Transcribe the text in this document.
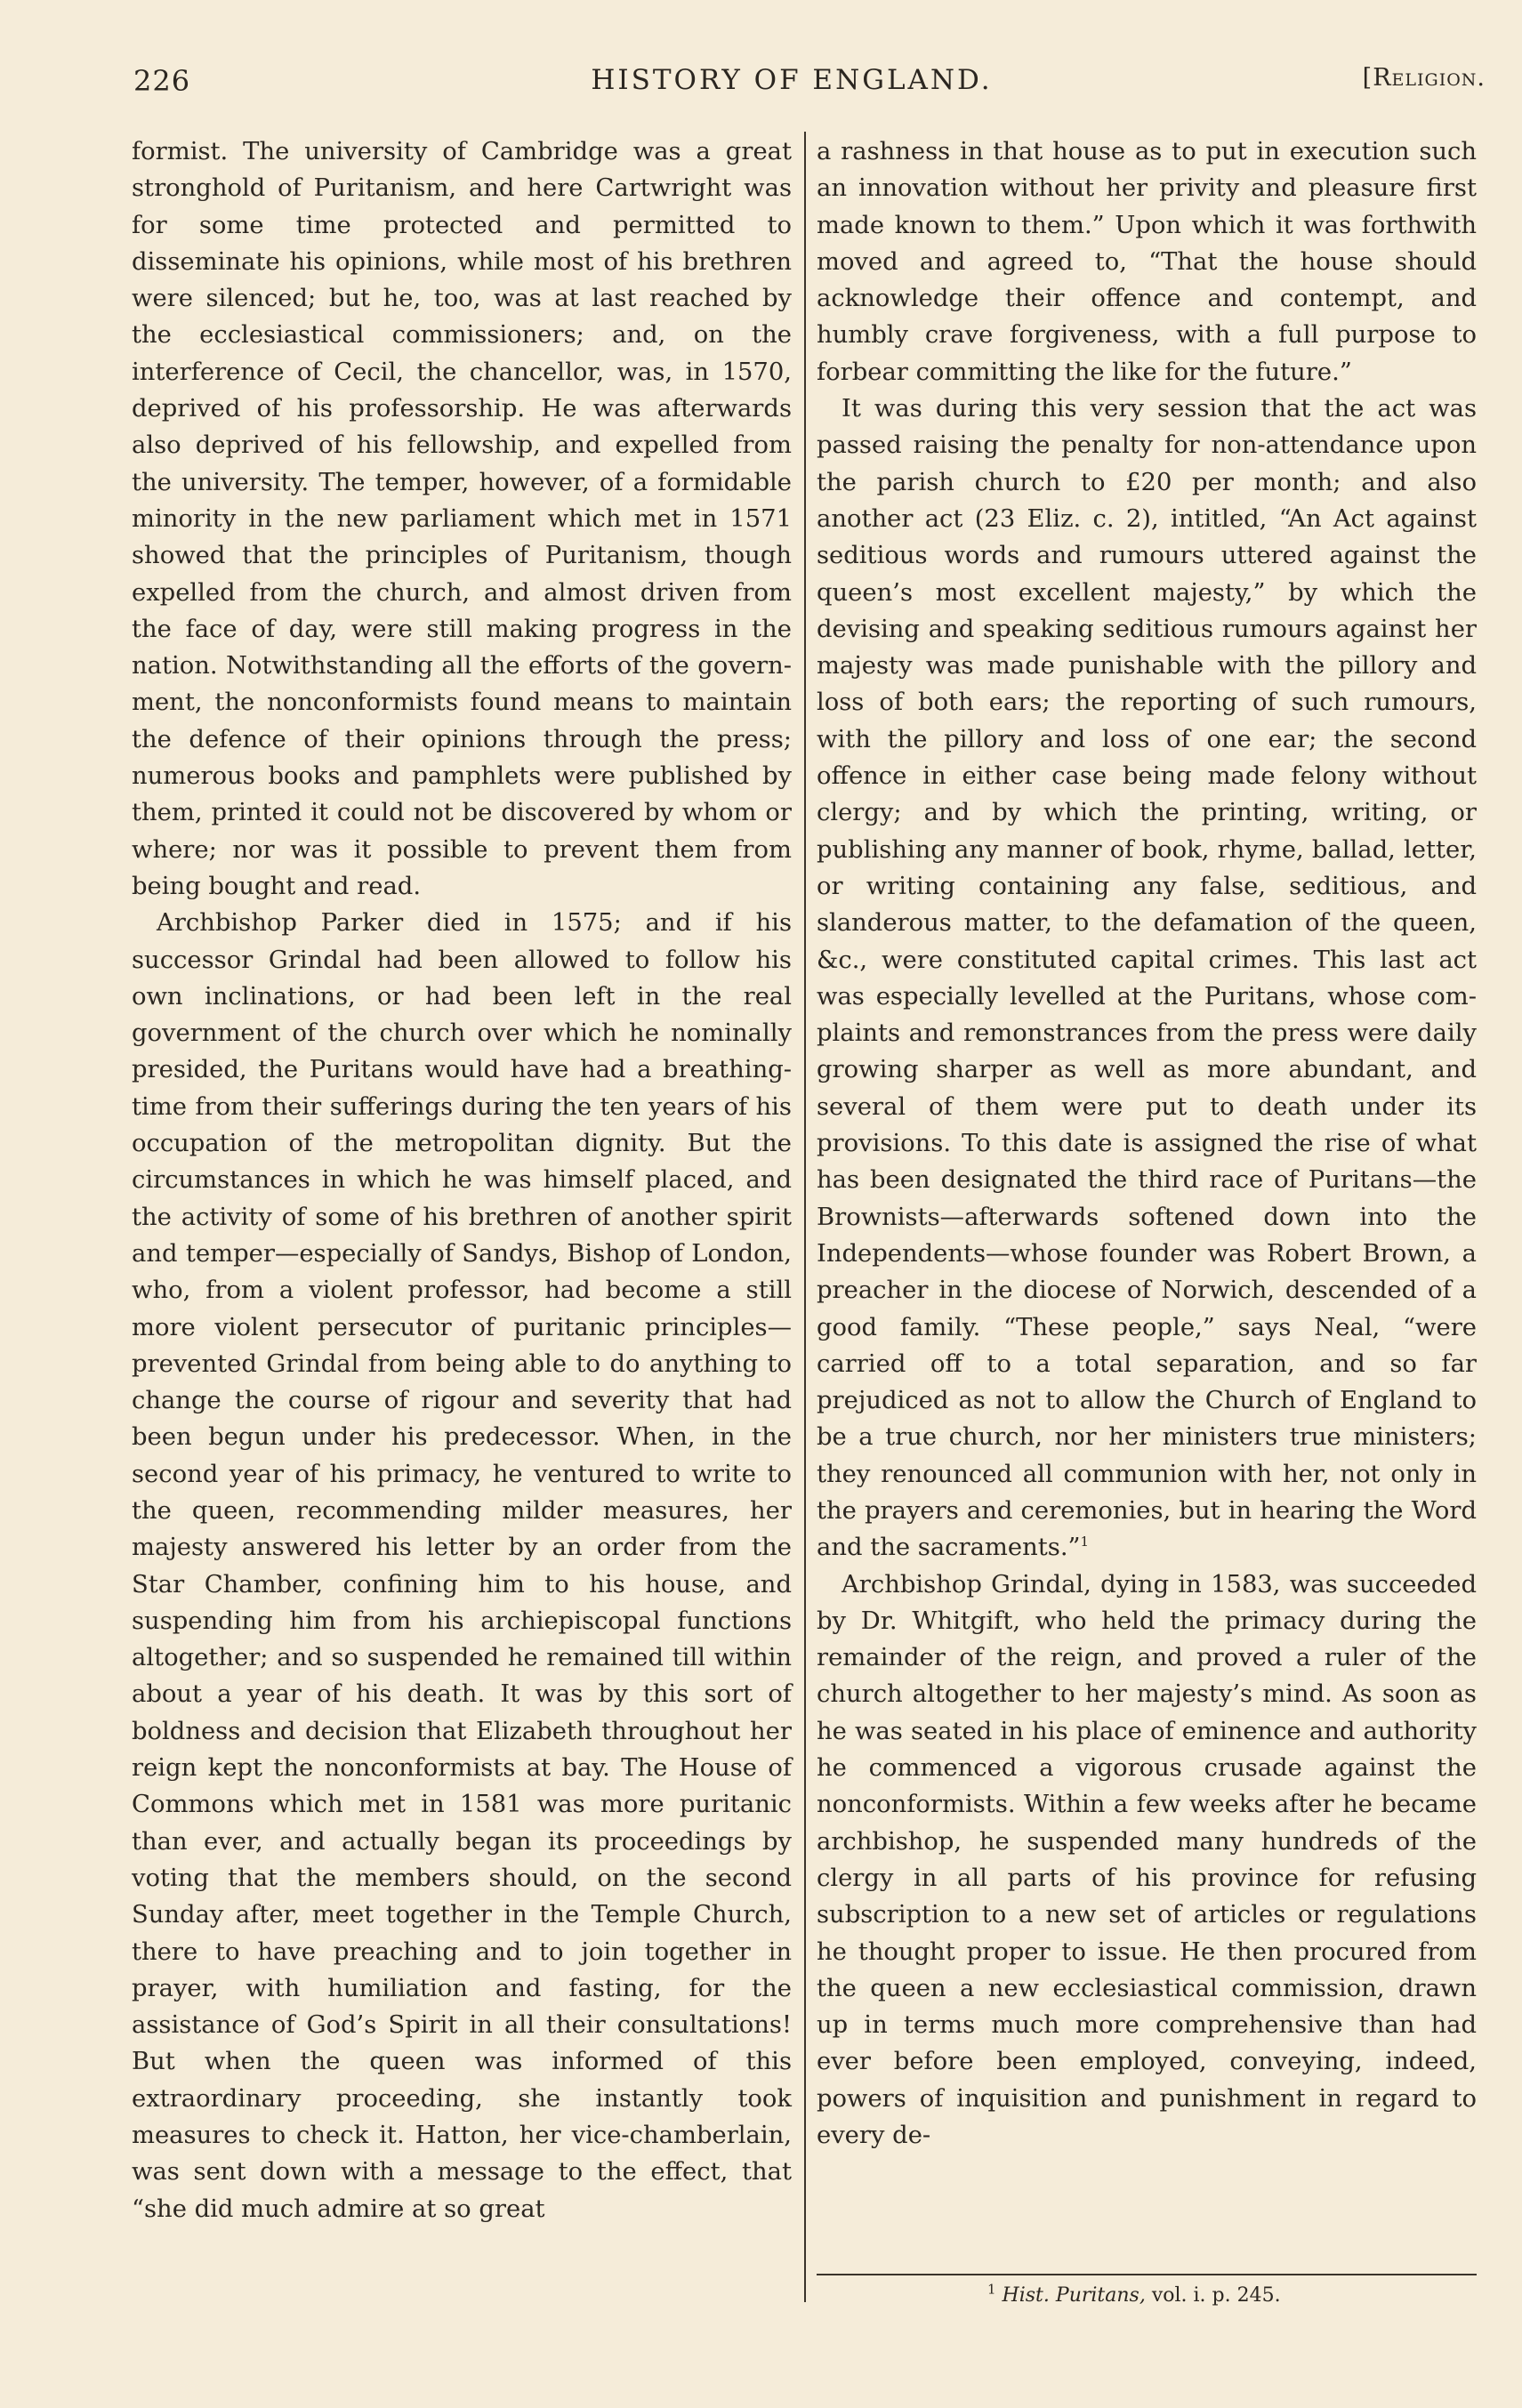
226	HISTORY OF ENGLAND.	[Religion.

formist. The university of Cambridge was a great stronghold of Puritanism, and here Cartwright was for some time protected and permitted to disseminate his opinions, while most of his brethren were silenced; but he, too, was at last reached by the ecclesiastical commissioners; and, on the interference of Cecil, the chancellor, was, in 1570, deprived of his professorship. He was afterwards also deprived of his fellowship, and expelled from the university. The temper, however, of a formidable minority in the new parliament which met in 1571 showed that the principles of Puritanism, though expelled from the church, and almost driven from the face of day, were still making progress in the nation. Notwithstanding all the efforts of the government, the nonconformists found means to maintain the defence of their opinions through the press; numerous books and pamphlets were published by them, printed it could not be discovered by whom or where; nor was it possible to prevent them from being bought and read.

Archbishop Parker died in 1575; and if his successor Grindal had been allowed to follow his own inclinations, or had been left in the real government of the church over which he nominally presided, the Puritans would have had a breathing-time from their sufferings during the ten years of his occupation of the metropolitan dignity. But the circumstances in which he was himself placed, and the activity of some of his brethren of another spirit and temper—especially of Sandys, Bishop of London, who, from a violent professor, had become a still more violent persecutor of puritanic principles—prevented Grindal from being able to do anything to change the course of rigour and severity that had been begun under his predecessor. When, in the second year of his primacy, he ventured to write to the queen, recommending milder measures, her majesty answered his letter by an order from the Star Chamber, confining him to his house, and suspending him from his archiepiscopal functions altogether; and so suspended he remained till within about a year of his death. It was by this sort of boldness and decision that Elizabeth throughout her reign kept the nonconformists at bay. The House of Commons which met in 1581 was more puritanic than ever, and actually began its proceedings by voting that the members should, on the second Sunday after, meet together in the Temple Church, there to have preaching and to join together in prayer, with humiliation and fasting, for the assistance of God’s Spirit in all their consultations! But when the queen was informed of this extraordinary proceeding, she instantly took measures to check it. Hatton, her vice-chamberlain, was sent down with a message to the effect, that “she did much admire at so great

a rashness in that house as to put in execution such an innovation without her privity and pleasure first made known to them.” Upon which it was forthwith moved and agreed to, “That the house should acknowledge their offence and contempt, and humbly crave forgiveness, with a full purpose to forbear committing the like for the future.”

It was during this very session that the act was passed raising the penalty for non-attendance upon the parish church to £20 per month; and also another act (23 Eliz. c. 2), intitled, “An Act against seditious words and rumours uttered against the queen’s most excellent majesty,” by which the devising and speaking seditious rumours against her majesty was made punishable with the pillory and loss of both ears; the reporting of such rumours, with the pillory and loss of one ear; the second offence in either case being made felony without clergy; and by which the printing, writing, or publishing any manner of book, rhyme, ballad, letter, or writing containing any false, seditious, and slanderous matter, to the defamation of the queen, &c., were constituted capital crimes. This last act was especially levelled at the Puritans, whose complaints and remonstrances from the press were daily growing sharper as well as more abundant, and several of them were put to death under its provisions. To this date is assigned the rise of what has been designated the third race of Puritans—the Brownists—afterwards softened down into the Independents—whose founder was Robert Brown, a preacher in the diocese of Norwich, descended of a good family. “These people,” says Neal, “were carried off to a total separation, and so far prejudiced as not to allow the Church of England to be a true church, nor her ministers true ministers; they renounced all communion with her, not only in the prayers and ceremonies, but in hearing the Word and the sacraments.”$^1$

Archbishop Grindal, dying in 1583, was succeeded by Dr. Whitgift, who held the primacy during the remainder of the reign, and proved a ruler of the church altogether to her majesty’s mind. As soon as he was seated in his place of eminence and authority he commenced a vigorous crusade against the nonconformists. Within a few weeks after he became archbishop, he suspended many hundreds of the clergy in all parts of his province for refusing subscription to a new set of articles or regulations he thought proper to issue. He then procured from the queen a new ecclesiastical commission, drawn up in terms much more comprehensive than had ever before been employed, conveying, indeed, powers of inquisition and punishment in regard to every de-

$^1$ Hist. Puritans, vol. i. p. 245.
